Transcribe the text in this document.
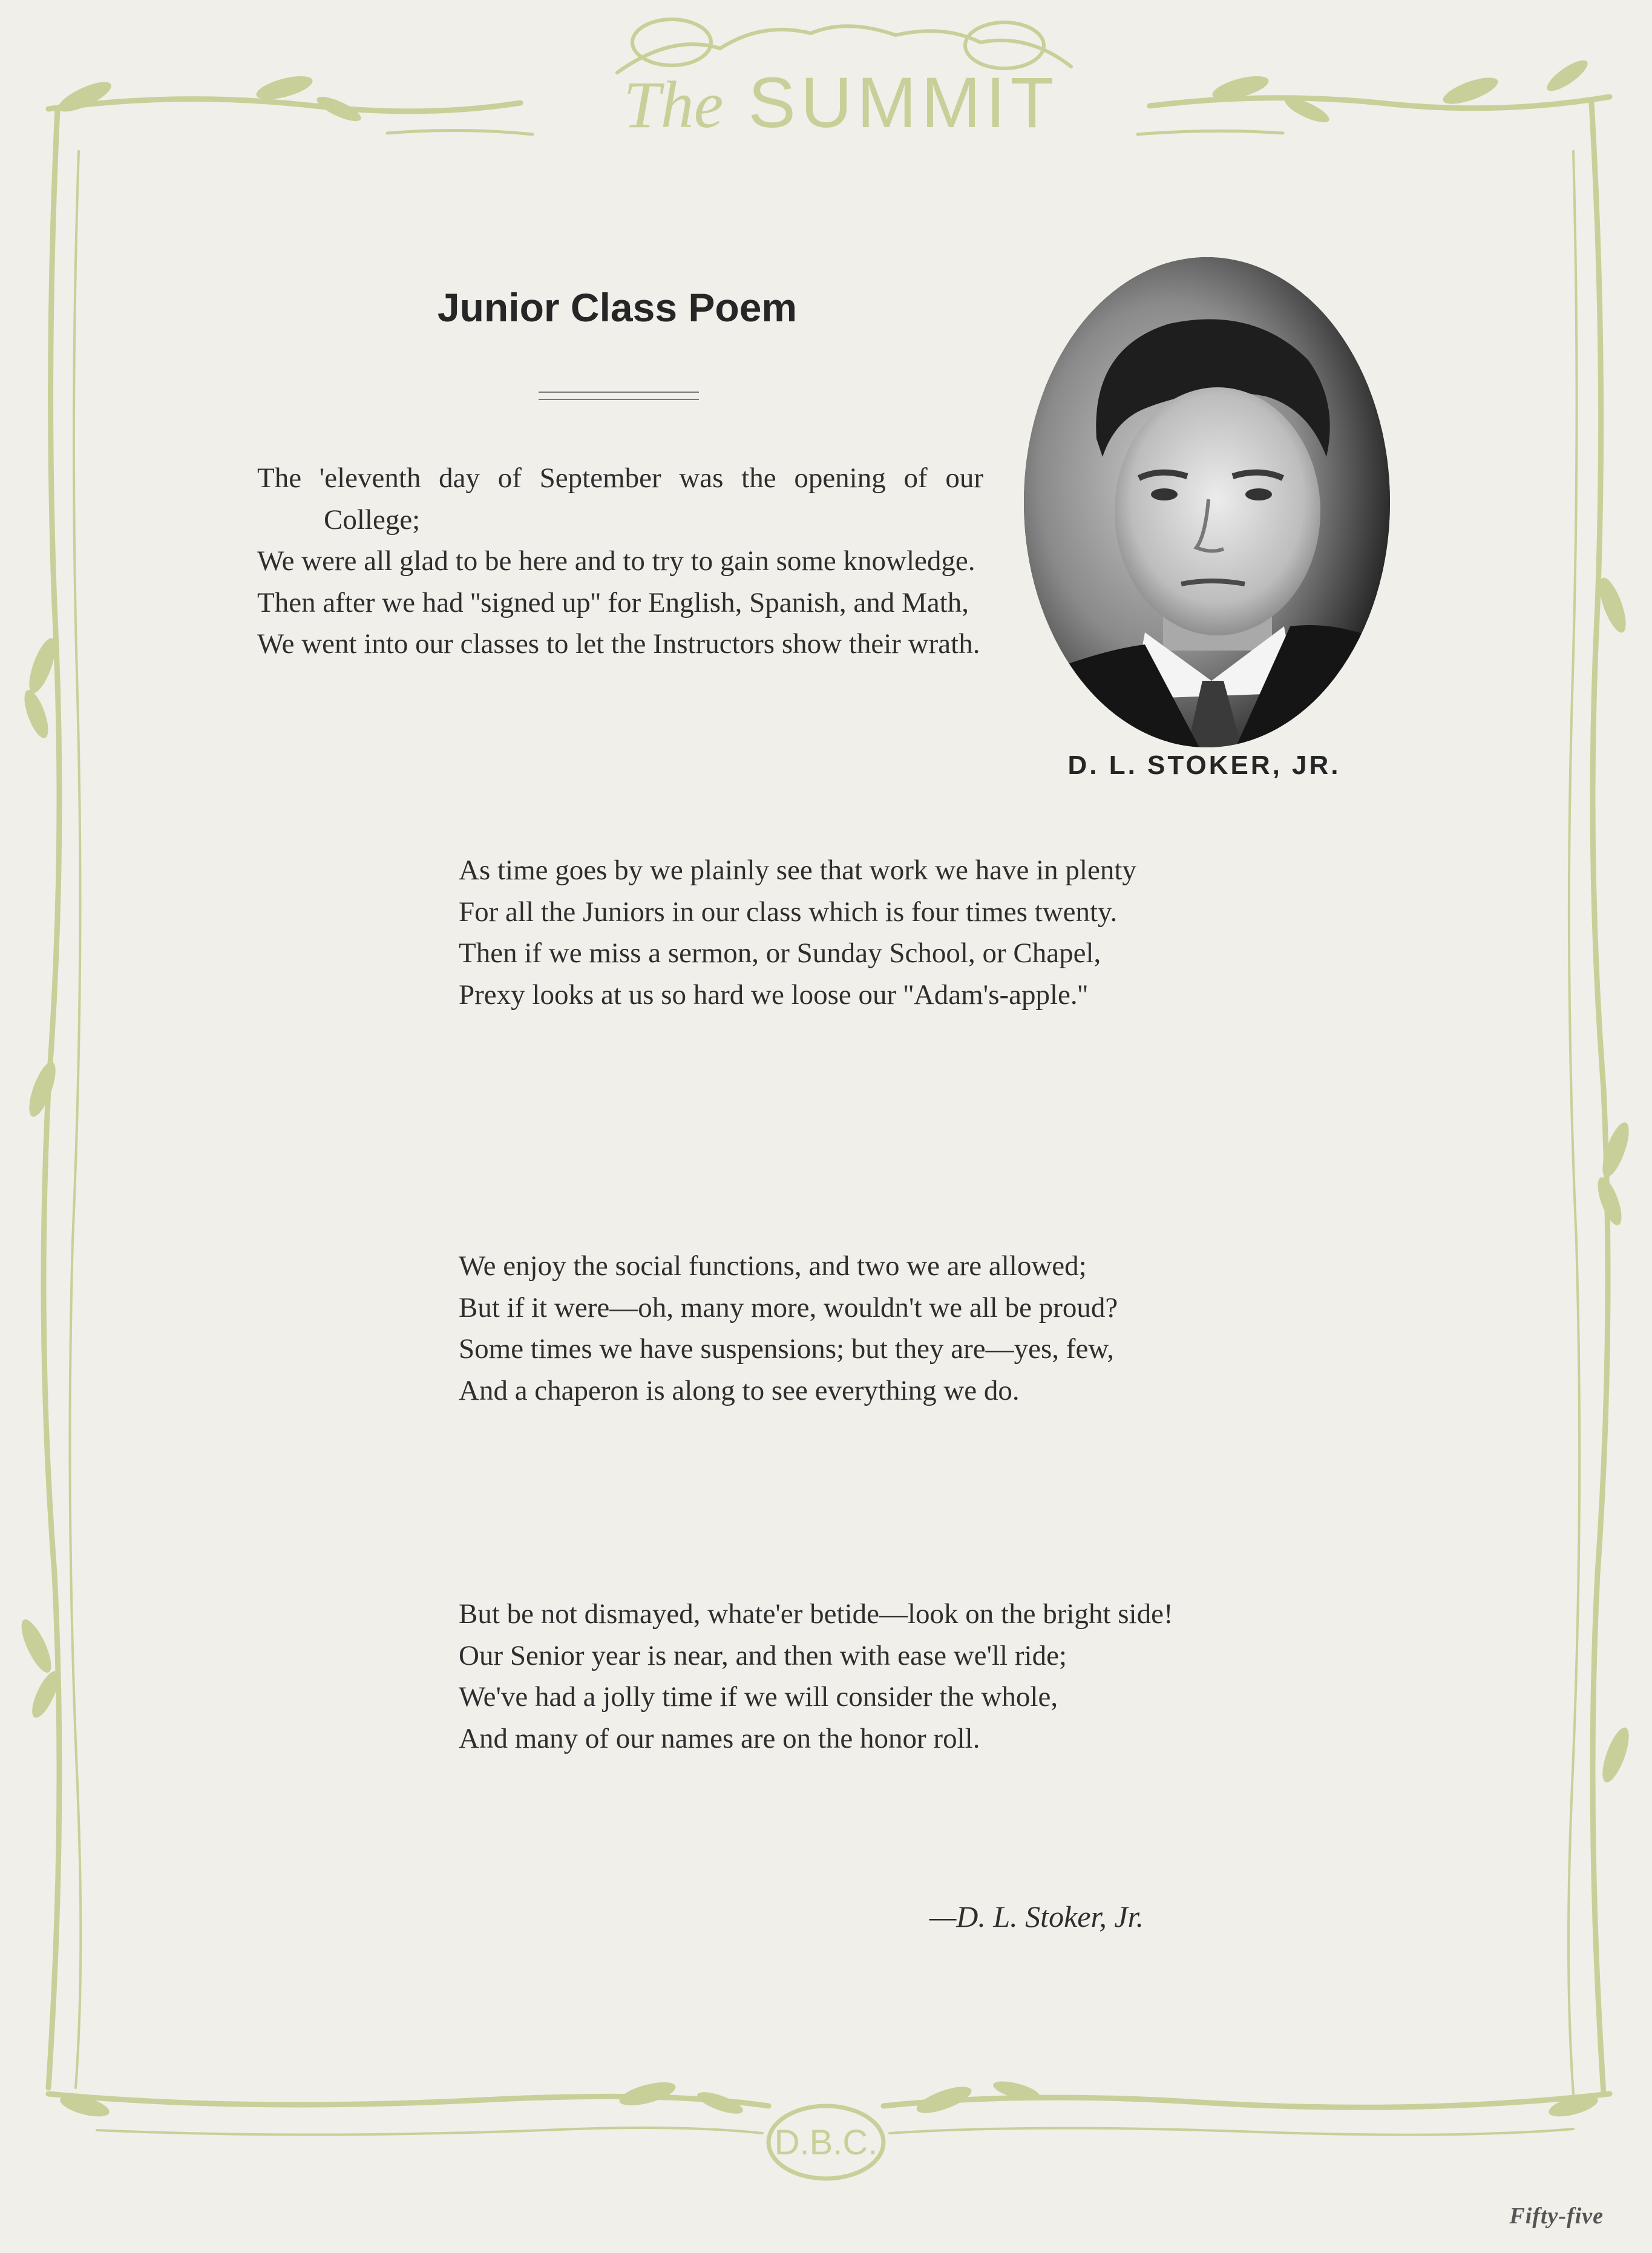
D.B.C.
The SUMMIT
Junior Class Poem
The 'eleventh day of September was the opening of our College;
We were all glad to be here and to try to gain some knowledge.
Then after we had ''signed up'' for English, Spanish, and Math,
We went into our classes to let the Instructors show their wrath.
As time goes by we plainly see that work we have in plenty
For all the Juniors in our class which is four times twenty.
Then if we miss a sermon, or Sunday School, or Chapel,
Prexy looks at us so hard we loose our ''Adam's-apple.''
We enjoy the social functions, and two we are allowed;
But if it were—oh, many more, wouldn't we all be proud?
Some times we have suspensions; but they are—yes, few,
And a chaperon is along to see everything we do.
But be not dismayed, whate'er betide—look on the bright side!
Our Senior year is near, and then with ease we'll ride;
We've had a jolly time if we will consider the whole,
And many of our names are on the honor roll.
—D. L. Stoker, Jr.
D. L. STOKER, JR.
Fifty-five
